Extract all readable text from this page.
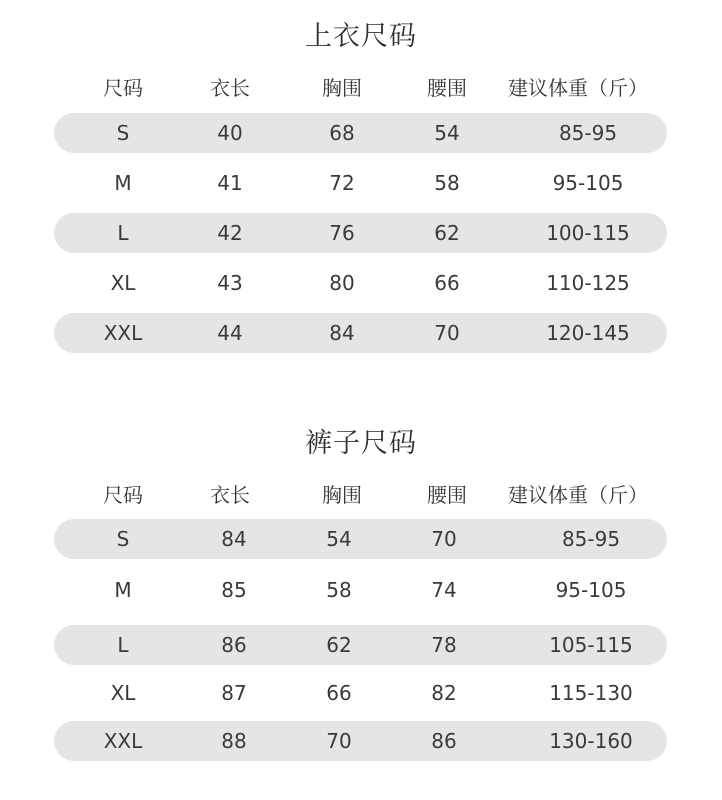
上衣尺码
尺码	衣长	胸围	腰围	建议体重（斤）
S	40	68	54	85-95
M	41	72	58	95-105
L	42	76	62	100-115
XL	43	80	66	110-125
XXL	44	84	70	120-145
裤子尺码
尺码	衣长	胸围	腰围	建议体重（斤）
S	84	54	70	85-95
M	85	58	74	95-105
L	86	62	78	105-115
XL	87	66	82	115-130
XXL	88	70	86	130-160
